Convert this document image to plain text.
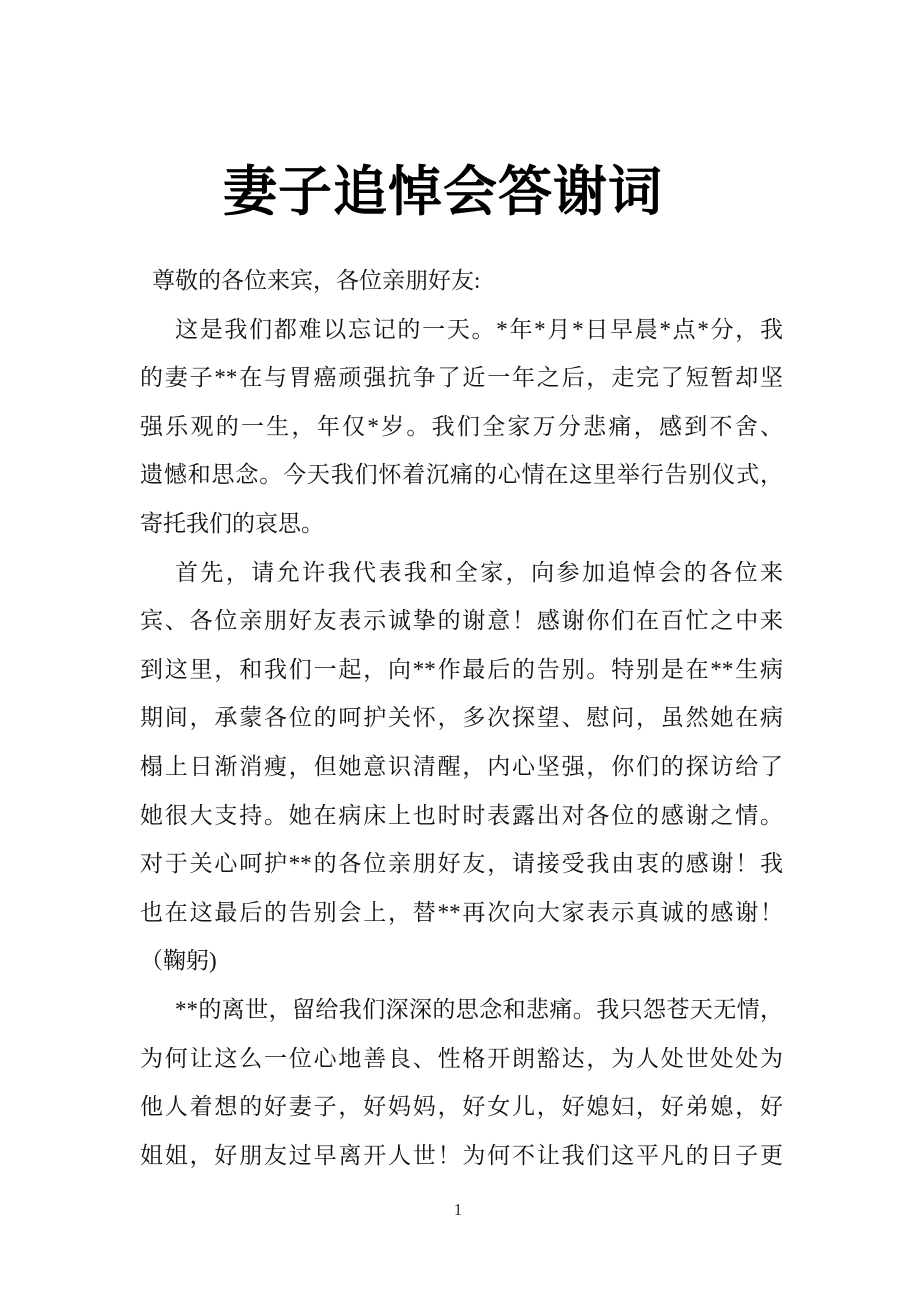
妻子追悼会答谢词
尊敬的各位来宾，各位亲朋好友:
这是我们都难以忘记的一天。*年*月*日早晨*点*分，我
的妻子**在与胃癌顽强抗争了近一年之后，走完了短暂却坚
强乐观的一生，年仅*岁。我们全家万分悲痛，感到不舍、
遗憾和思念。今天我们怀着沉痛的心情在这里举行告别仪式，
寄托我们的哀思。
首先，请允许我代表我和全家，向参加追悼会的各位来
宾、各位亲朋好友表示诚挚的谢意！感谢你们在百忙之中来
到这里，和我们一起，向**作最后的告别。特别是在**生病
期间，承蒙各位的呵护关怀，多次探望、慰问，虽然她在病
榻上日渐消瘦，但她意识清醒，内心坚强，你们的探访给了
她很大支持。她在病床上也时时表露出对各位的感谢之情。
对于关心呵护**的各位亲朋好友，请接受我由衷的感谢！我
也在这最后的告别会上，替**再次向大家表示真诚的感谢！
（鞠躬)
**的离世，留给我们深深的思念和悲痛。我只怨苍天无情，
为何让这么一位心地善良、性格开朗豁达，为人处世处处为
他人着想的好妻子，好妈妈，好女儿，好媳妇，好弟媳，好
姐姐，好朋友过早离开人世！为何不让我们这平凡的日子更
1
